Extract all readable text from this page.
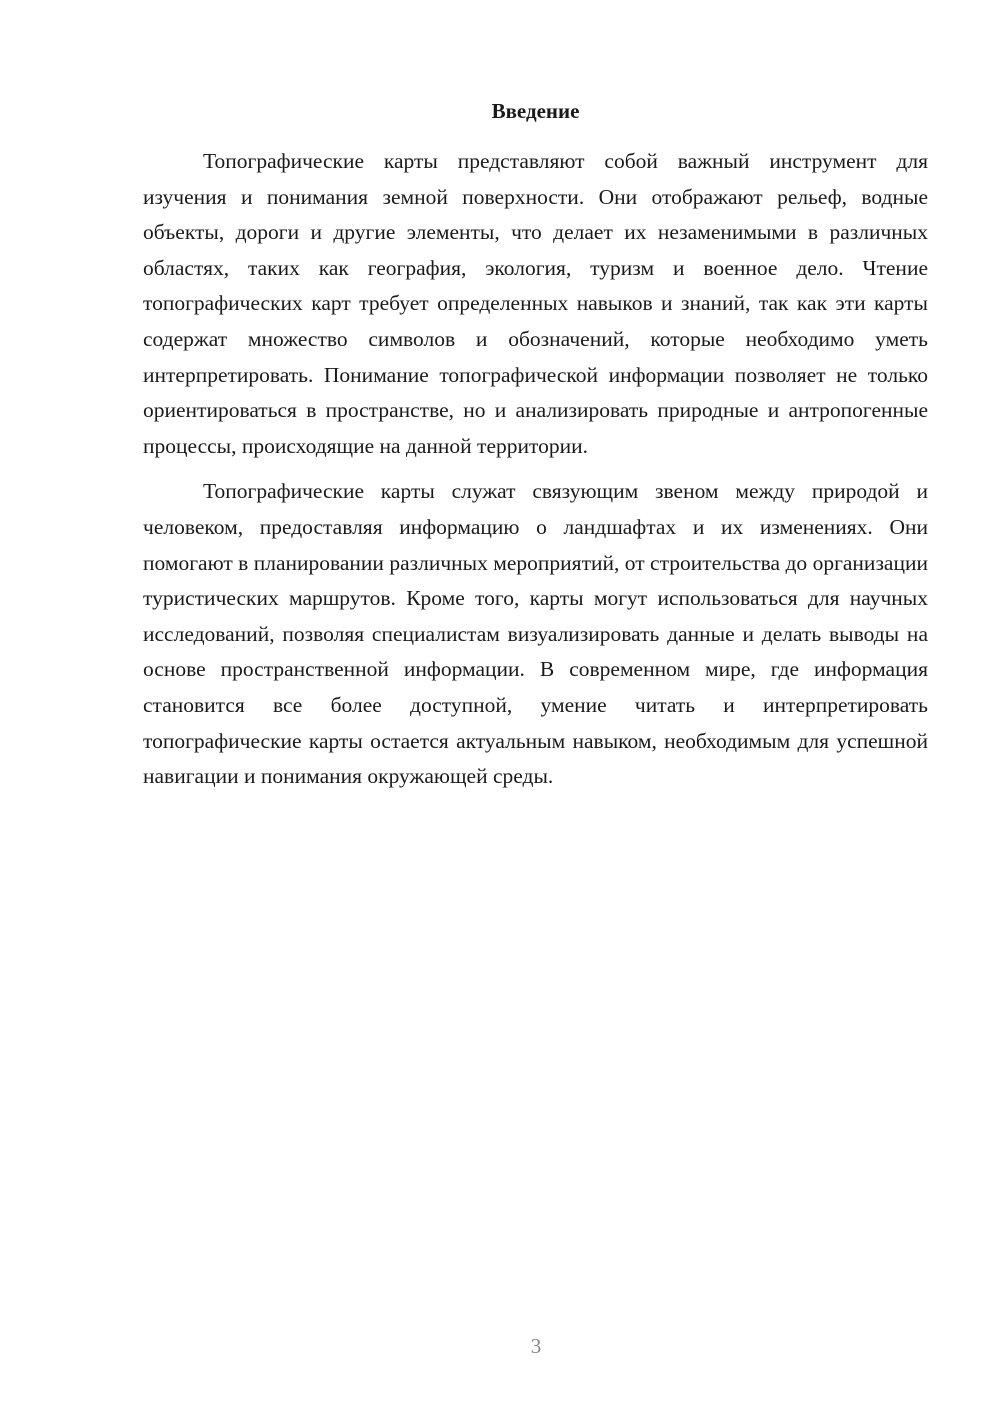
Введение

Топографические карты представляют собой важный инструмент для изучения и понимания земной поверхности. Они отображают рельеф, водные объекты, дороги и другие элементы, что делает их незаменимыми в различных областях, таких как география, экология, туризм и военное дело. Чтение топографических карт требует определенных навыков и знаний, так как эти карты содержат множество символов и обозначений, которые необходимо уметь интерпретировать. Понимание топографической информации позволяет не только ориентироваться в пространстве, но и анализировать природные и антропогенные процессы, происходящие на данной территории.

Топографические карты служат связующим звеном между природой и человеком, предоставляя информацию о ландшафтах и их изменениях. Они помогают в планировании различных мероприятий, от строительства до организации туристических маршрутов. Кроме того, карты могут использоваться для научных исследований, позволяя специалистам визуализировать данные и делать выводы на основе пространственной информации. В современном мире, где информация становится все более доступной, умение читать и интерпретировать топографические карты остается актуальным навыком, необходимым для успешной навигации и понимания окружающей среды.

3
